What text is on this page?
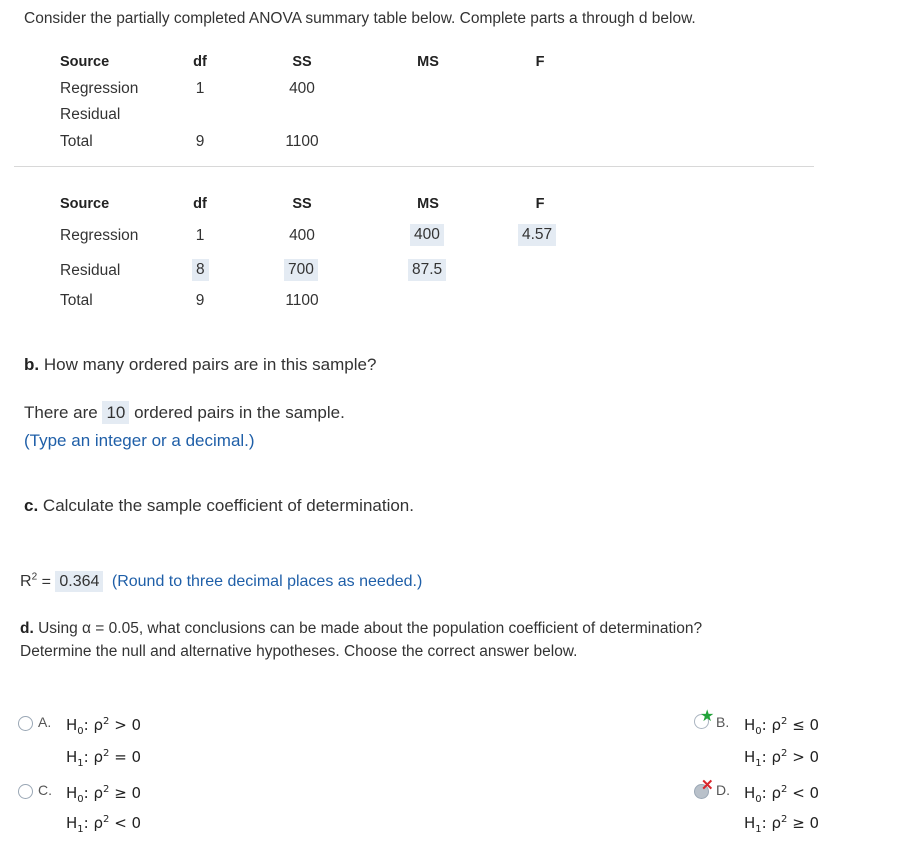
Consider the partially completed ANOVA summary table below. Complete parts a through d below.
Source	df	SS	MS	F
Regression	1	400
Residual
Total	9	1100
Source	df	SS	MS	F
Regression	1	400	400	4.57
Residual	8	700	87.5
Total	9	1100
b. How many ordered pairs are in this sample?
There are 10 ordered pairs in the sample.
(Type an integer or a decimal.)
c. Calculate the sample coefficient of determination.
$R^2 = 0.364$ (Round to three decimal places as needed.)
d. Using α = 0.05, what conclusions can be made about the population coefficient of determination?
Determine the null and alternative hypotheses. Choose the correct answer below.
A. $H_0$: $\rho^2 > 0$
$H_1$: $\rho^2 = 0$
C. $H_0$: $\rho^2 \ge 0$
$H_1$: $\rho^2 < 0$
★ B. $H_0$: $\rho^2 \le 0$
$H_1$: $\rho^2 > 0$
✕ D. $H_0$: $\rho^2 < 0$
$H_1$: $\rho^2 \ge 0$
